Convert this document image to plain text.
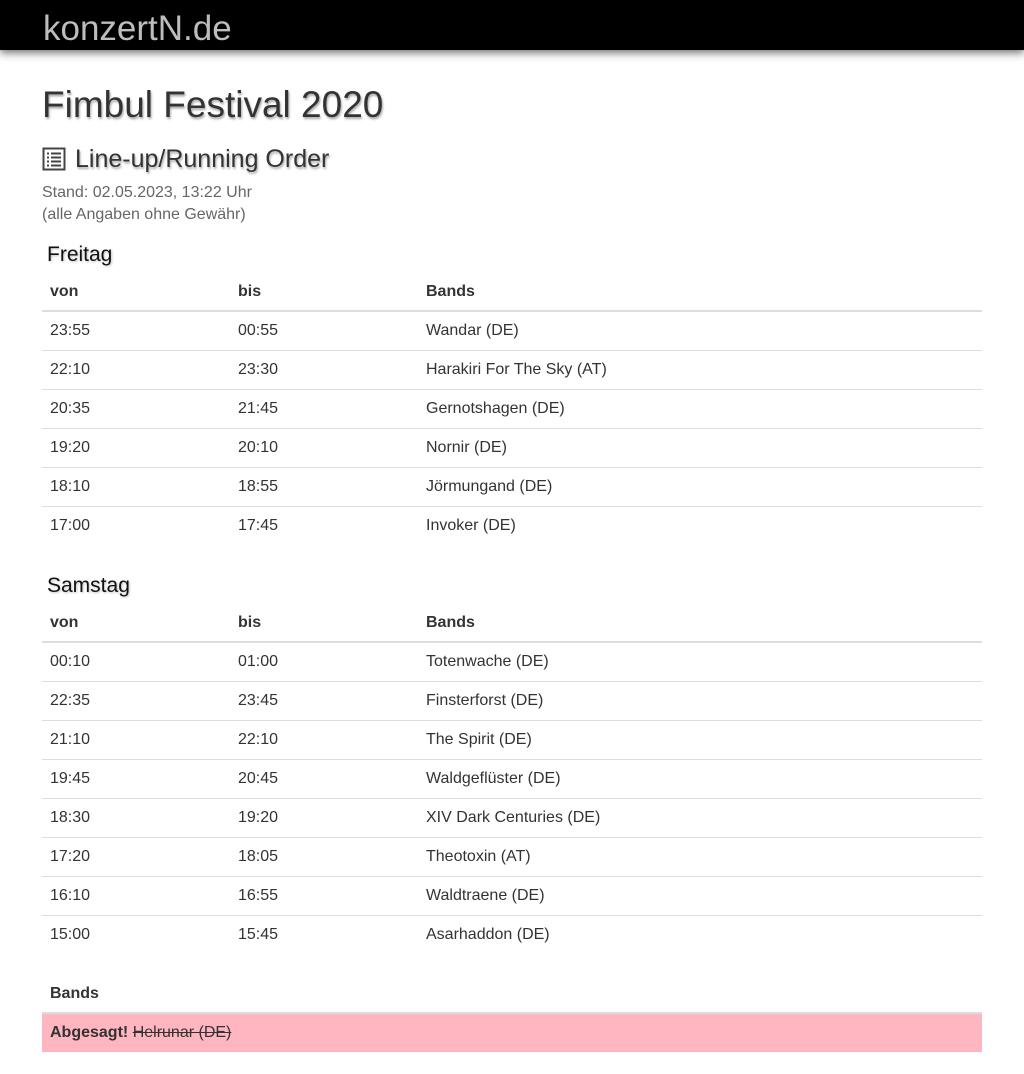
konzertN.de
Fimbul Festival 2020
Line-up/Running Order
Stand: 02.05.2023, 13:22 Uhr
(alle Angaben ohne Gewähr)
Freitag
von	bis	Bands
23:55	00:55	Wandar (DE)
22:10	23:30	Harakiri For The Sky (AT)
20:35	21:45	Gernotshagen (DE)
19:20	20:10	Nornir (DE)
18:10	18:55	Jörmungand (DE)
17:00	17:45	Invoker (DE)
Samstag
von	bis	Bands
00:10	01:00	Totenwache (DE)
22:35	23:45	Finsterforst (DE)
21:10	22:10	The Spirit (DE)
19:45	20:45	Waldgeflüster (DE)
18:30	19:20	XIV Dark Centuries (DE)
17:20	18:05	Theotoxin (AT)
16:10	16:55	Waldtraene (DE)
15:00	15:45	Asarhaddon (DE)
Bands
Abgesagt! Helrunar (DE)
